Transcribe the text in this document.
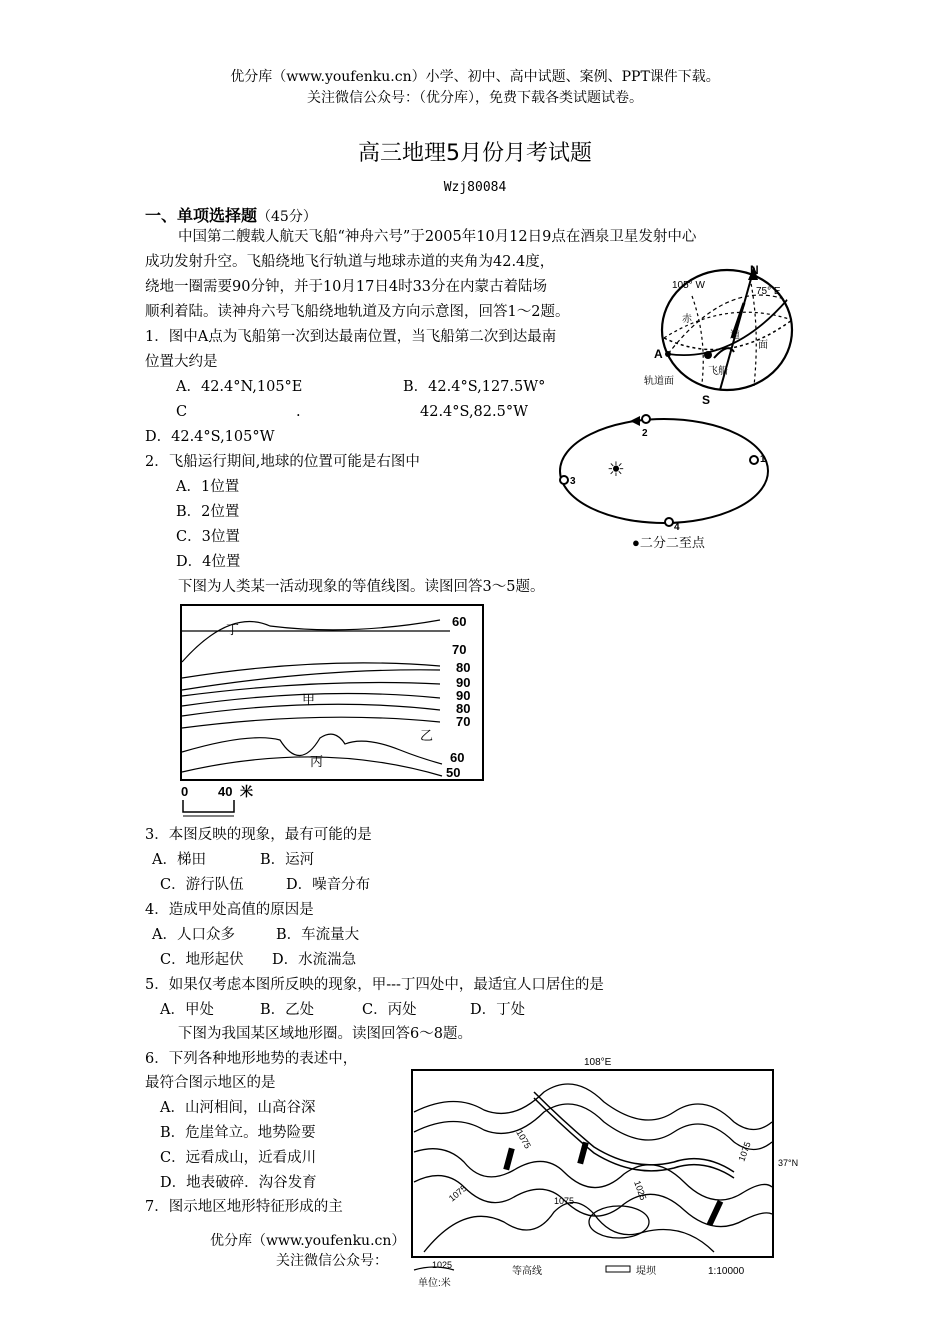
优分库（www.youfenku.cn）小学、初中、高中试题、案例、PPT课件下载。
关注微信公众号：（优分库），免费下载各类试题试卷。
高三地理5月份月考试题
Wzj80084
一、单项选择题（45分）
中国第二艘载人航天飞船“神舟六号”于2005年10月12日9点在酒泉卫星发射中心
成功发射升空。飞船绕地飞行轨道与地球赤道的夹角为42.4度，
绕地一圈需要90分钟，并于10月17日4时33分在内蒙古着陆场
顺利着陆。读神舟六号飞船绕地轨道及方向示意图，回答1～2题。
1．图中A点为飞船第一次到达最南位置，当飞船第二次到达最南
位置大约是
A．42.4°N,105°E	B．42.4°S,127.5W°
C	.	42.4°S,82.5°W
D．42.4°S,105°W
2．飞船运行期间,地球的位置可能是右图中
A．1位置
B．2位置
C．3位置
D．4位置
下图为人类某一活动现象的等值线图。读图回答3～5题。
3．本图反映的现象，最有可能的是
A．梯田	B．运河
C．游行队伍	D．噪音分布
4．造成甲处高值的原因是
A．人口众多	B．车流量大
C．地形起伏 D．水流湍急
5．如果仅考虑本图所反映的现象，甲---丁四处中，最适宜人口居住的是
A．甲处	B．乙处	C．丙处	D．丁处
下图为我国某区域地形圈。读图回答6～8题。
6．下列各种地形地势的表述中，
最符合图示地区的是
A．山河相间，山高谷深
B．危崖耸立。地势险要
C．远看成山，近看成川
D．地表破碎．沟谷发育
7．图示地区地形特征形成的主
优分库（www.youfenku.cn）
关注微信公众号：
N
S
105° W
75° E
A
飞船
轨道面
赤
道
面
2
1
3
4
☀
●二分二至点
60
70
80
90
90
80
70
60
50
丁
甲
乙
丙
0 40 米
108°E
37°N
1075
1075
1075	1075	1025
1025
等高线	堤坝	1:10000
单位:米
